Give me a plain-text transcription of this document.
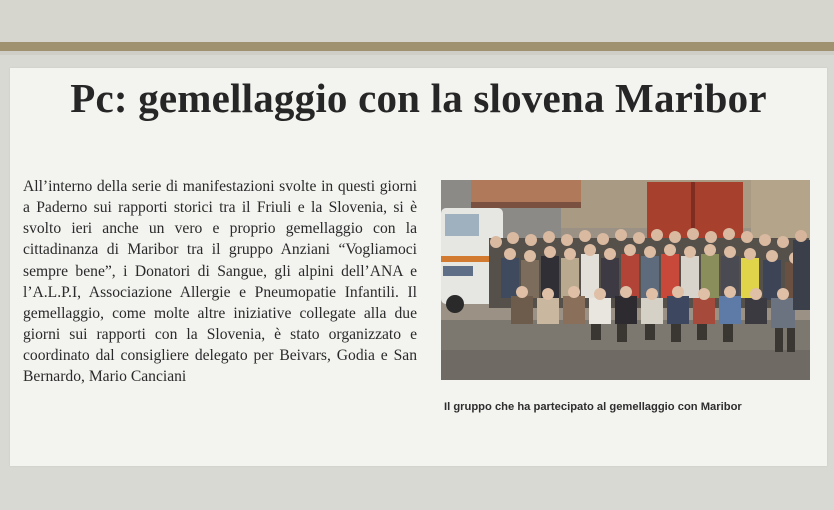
Pc: gemellaggio con la slovena Maribor
All’interno della serie di manifestazioni svolte in questi giorni a Paderno sui rapporti storici tra il Friuli e la Slovenia, si è svolto ieri anche un vero e proprio gemellaggio con la cittadinanza di Maribor tra il gruppo Anziani “Vogliamoci sempre bene”, i Donatori di Sangue, gli alpini dell’ANA e l’A.L.P.I, Associazione Allergie e Pneumopatie Infantili. Il gemellaggio, come molte altre iniziative collegate alla due giorni sui rapporti con la Slovenia, è stato organizzato e coordinato dal consigliere delegato per Beivars, Godia e San Bernardo, Mario Canciani
Il gruppo che ha partecipato al gemellaggio con Maribor
